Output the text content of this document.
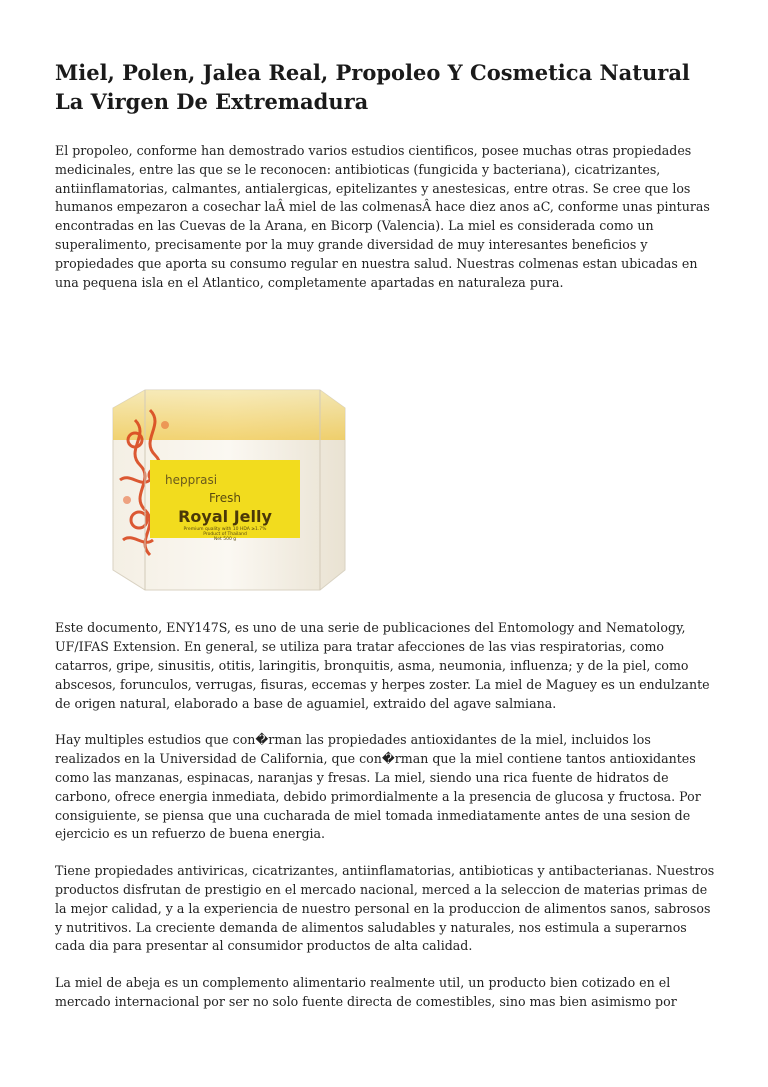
Miel, Polen, Jalea Real, Propoleo Y Cosmetica Natural La Virgen De Extremadura

El propoleo, conforme han demostrado varios estudios cientificos, posee muchas otras propiedades medicinales, entre las que se le reconocen: antibioticas (fungicida y bacteriana), cicatrizantes, antiinflamatorias, calmantes, antialergicas, epitelizantes y anestesicas, entre otras. Se cree que los humanos empezaron a cosechar laÂ miel de las colmenasÂ hace diez anos aC, conforme unas pinturas encontradas en las Cuevas de la Arana, en Bicorp (Valencia). La miel es considerada como un superalimento, precisamente por la muy grande diversidad de muy interesantes beneficios y propiedades que aporta su consumo regular en nuestra salud. Nuestras colmenas estan ubicadas en una pequena isla en el Atlantico, completamente apartadas en naturaleza pura.

hepprasi
Fresh
Royal Jelly
Premium quality with 10 HDA ≥1.7%
Product of Thailand
Net 500 g

Este documento, ENY147S, es uno de una serie de publicaciones del Entomology and Nematology, UF/IFAS Extension. En general, se utiliza para tratar afecciones de las vias respiratorias, como catarros, gripe, sinusitis, otitis, laringitis, bronquitis, asma, neumonia, influenza; y de la piel, como abscesos, forunculos, verrugas, fisuras, eccemas y herpes zoster. La miel de Maguey es un endulzante de origen natural, elaborado a base de aguamiel, extraido del agave salmiana.

Hay multiples estudios que con�rman las propiedades antioxidantes de la miel, incluidos los realizados en la Universidad de California, que con�rman que la miel contiene tantos antioxidantes como las manzanas, espinacas, naranjas y fresas. La miel, siendo una rica fuente de hidratos de carbono, ofrece energia inmediata, debido primordialmente a la presencia de glucosa y fructosa. Por consiguiente, se piensa que una cucharada de miel tomada inmediatamente antes de una sesion de ejercicio es un refuerzo de buena energia.

Tiene propiedades antiviricas, cicatrizantes, antiinflamatorias, antibioticas y antibacterianas. Nuestros productos disfrutan de prestigio en el mercado nacional, merced a la seleccion de materias primas de la mejor calidad, y a la experiencia de nuestro personal en la produccion de alimentos sanos, sabrosos y nutritivos. La creciente demanda de alimentos saludables y naturales, nos estimula a superarnos cada dia para presentar al consumidor productos de alta calidad.

La miel de abeja es un complemento alimentario realmente util, un producto bien cotizado en el mercado internacional por ser no solo fuente directa de comestibles, sino mas bien asimismo por
